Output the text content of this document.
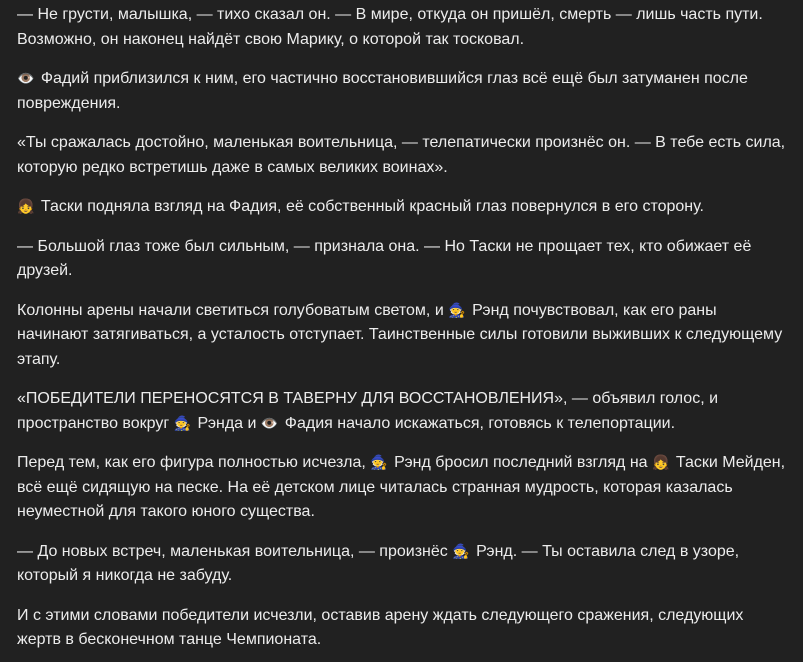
— Не грусти, малышка, — тихо сказал он. — В мире, откуда он пришёл, смерть — лишь часть пути. Возможно, он наконец найдёт свою Марику, о которой так тосковал.

👁️ Фадий приблизился к ним, его частично восстановившийся глаз всё ещё был затуманен после повреждения.

«Ты сражалась достойно, маленькая воительница, — телепатически произнёс он. — В тебе есть сила, которую редко встретишь даже в самых великих воинах».

👧 Таски подняла взгляд на Фадия, её собственный красный глаз повернулся в его сторону.

— Большой глаз тоже был сильным, — признала она. — Но Таски не прощает тех, кто обижает её друзей.

Колонны арены начали светиться голубоватым светом, и 🧙 Рэнд почувствовал, как его раны начинают затягиваться, а усталость отступает. Таинственные силы готовили выживших к следующему этапу.

«ПОБЕДИТЕЛИ ПЕРЕНОСЯТСЯ В ТАВЕРНУ ДЛЯ ВОССТАНОВЛЕНИЯ», — объявил голос, и пространство вокруг 🧙 Рэнда и 👁️ Фадия начало искажаться, готовясь к телепортации.

Перед тем, как его фигура полностью исчезла, 🧙 Рэнд бросил последний взгляд на 👧 Таски Мейден, всё ещё сидящую на песке. На её детском лице читалась странная мудрость, которая казалась неуместной для такого юного существа.

— До новых встреч, маленькая воительница, — произнёс 🧙 Рэнд. — Ты оставила след в узоре, который я никогда не забуду.

И с этими словами победители исчезли, оставив арену ждать следующего сражения, следующих жертв в бесконечном танце Чемпионата.
